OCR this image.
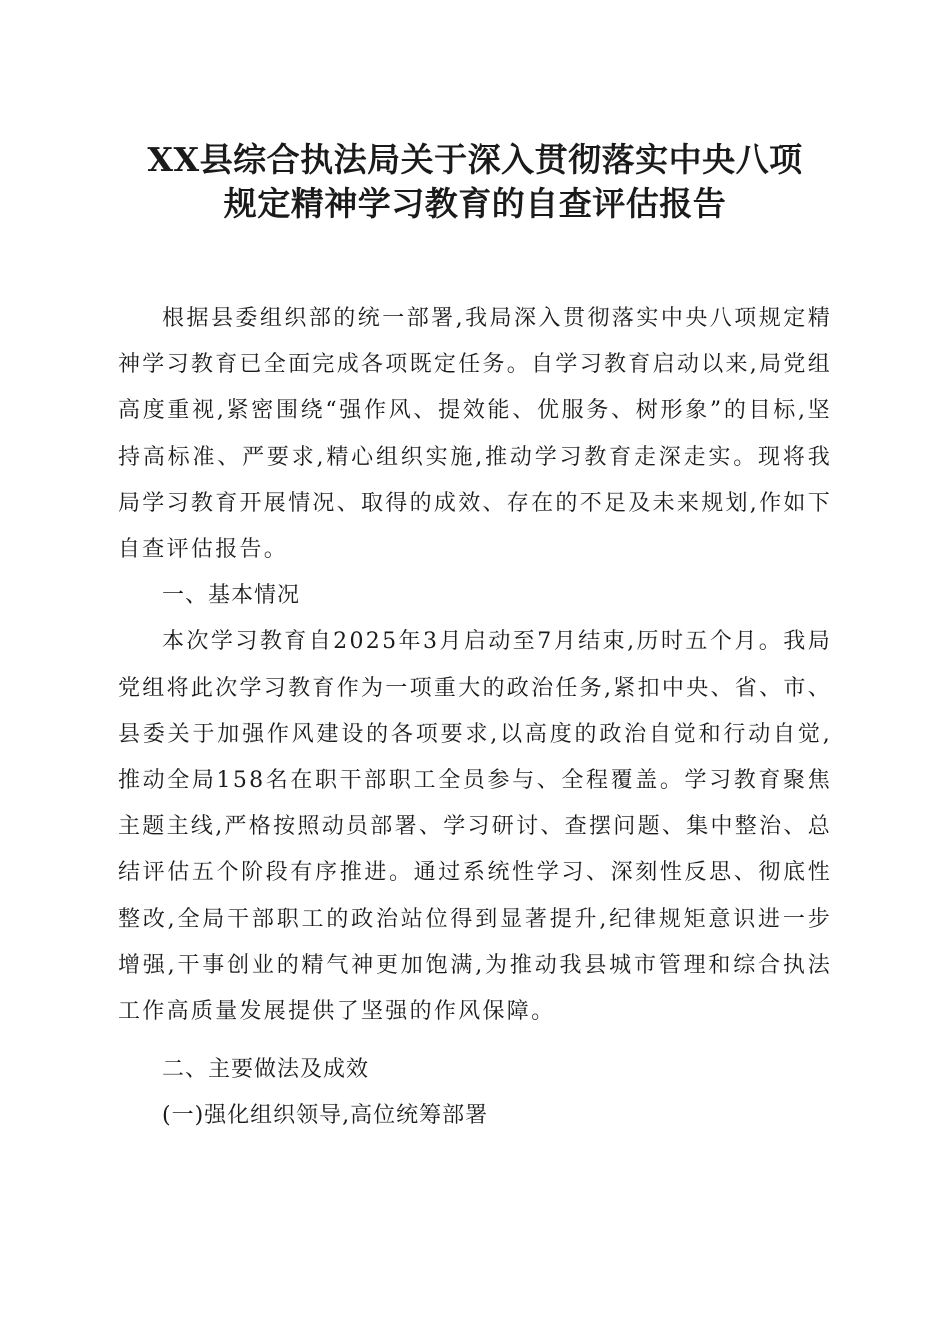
XX县综合执法局关于深入贯彻落实中央八项
规定精神学习教育的自查评估报告

根据县委组织部的统一部署,我局深入贯彻落实中央八项规定精神学习教育已全面完成各项既定任务。自学习教育启动以来,局党组高度重视,紧密围绕“强作风、提效能、优服务、树形象”的目标,坚持高标准、严要求,精心组织实施,推动学习教育走深走实。现将我局学习教育开展情况、取得的成效、存在的不足及未来规划,作如下自查评估报告。

一、基本情况

本次学习教育自2025年3月启动至7月结束,历时五个月。我局党组将此次学习教育作为一项重大的政治任务,紧扣中央、省、市、县委关于加强作风建设的各项要求,以高度的政治自觉和行动自觉,推动全局158名在职干部职工全员参与、全程覆盖。学习教育聚焦主题主线,严格按照动员部署、学习研讨、查摆问题、集中整治、总结评估五个阶段有序推进。通过系统性学习、深刻性反思、彻底性整改,全局干部职工的政治站位得到显著提升,纪律规矩意识进一步增强,干事创业的精气神更加饱满,为推动我县城市管理和综合执法工作高质量发展提供了坚强的作风保障。

二、主要做法及成效

(一)强化组织领导,高位统筹部署
